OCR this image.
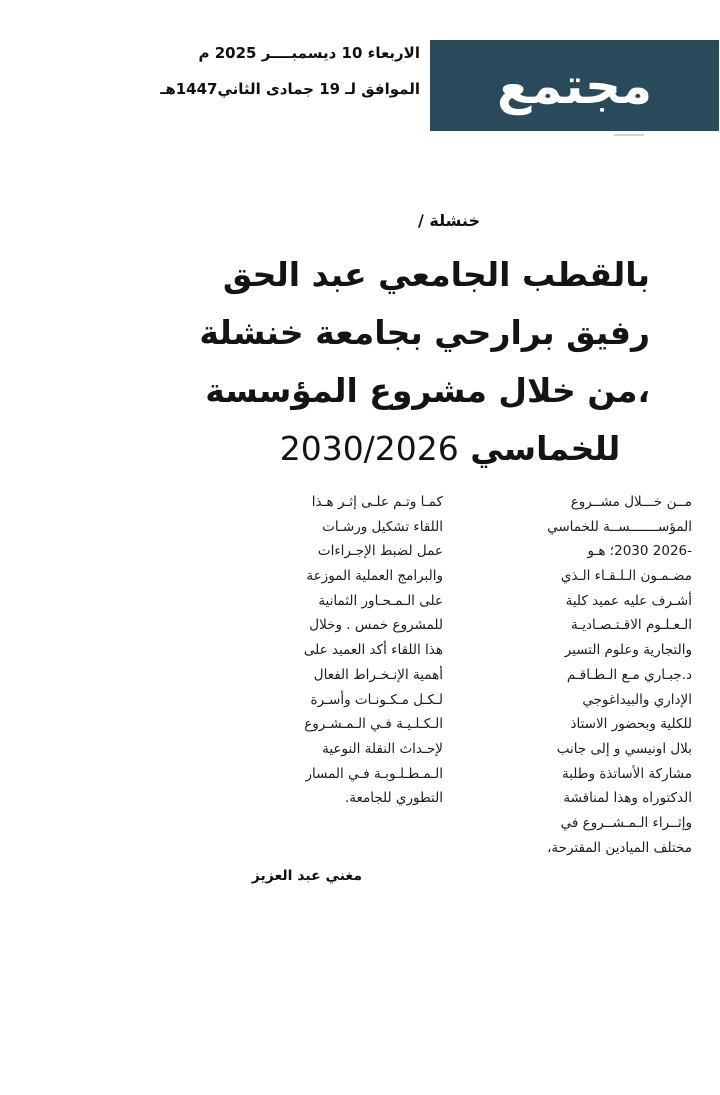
مجتمع
الاربعاء 10 ديسمبــــر 2025 م
الموافق لـ 19 جمادى الثاني1447هـ
خنشلة /
بالقطب الجامعي عبد الحق
رفيق برارحي بجامعة خنشلة
،من خلال مشروع المؤسسة
للخماسي 2030/2026
مــن خـــلال مشــروع
المؤســـــــســة للخماسي
-2026 2030؛ هـو
مضـمـون الـلـقـاء الـذي
أشـرف عليه عميد كلية
الـعـلـوم الاقـتـصـاديـة
والتجارية وعلوم التسير
د.جبـاري مـع الـطـاقـم
الإداري والبيداغوجي
للكلية وبحضور الاستاذ
بلال اونيسي و إلى جانب
مشاركة الأساتذة وطلبة
الدكتوراه وهذا لمناقشة
وإثــراء الـمـشــروع في
مختلف الميادين المقترحة،
كمـا وتـم علـى إثـر هـذا
اللقاء تشكيل ورشـات
عمل لضبط الإجـراءات
والبرامج العملية الموزعة
على الـمـحـاور الثمانية
للمشروع خمس . وخلال
هذا اللقاء أكد العميد على
أهمية الإنـخـراط الفعال
لـكـل مـكـونـات وأسـرة
الـكـلـيـة فـي الـمـشـروع
لإحـداث النقلة النوعية
الـمـطـلـوبـة فـي المسار
التطوري للجامعة.
مغني عبد العزيز
